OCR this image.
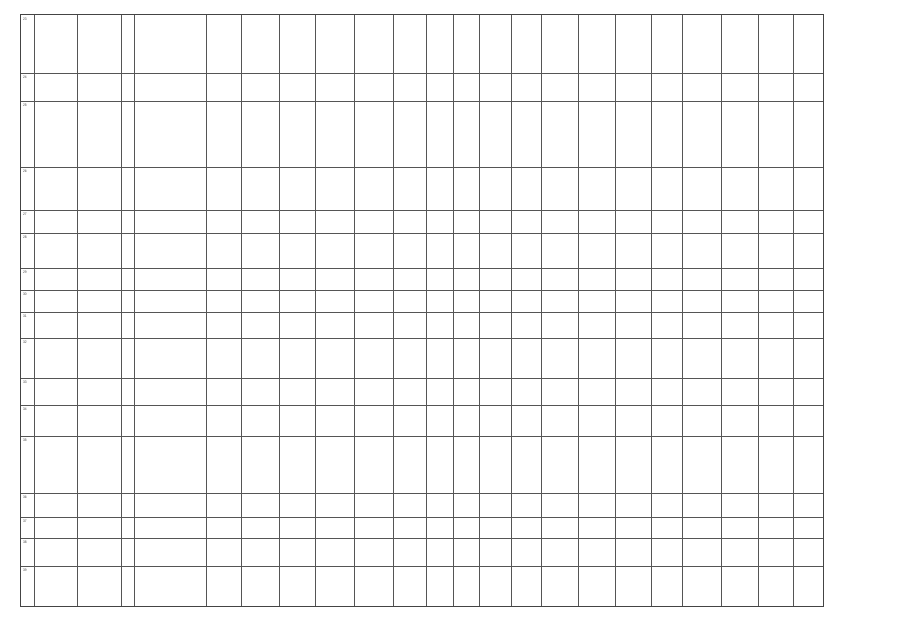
23
24
25
26
27
28
29
30
31
32
33
34
35
36
37
38
39
